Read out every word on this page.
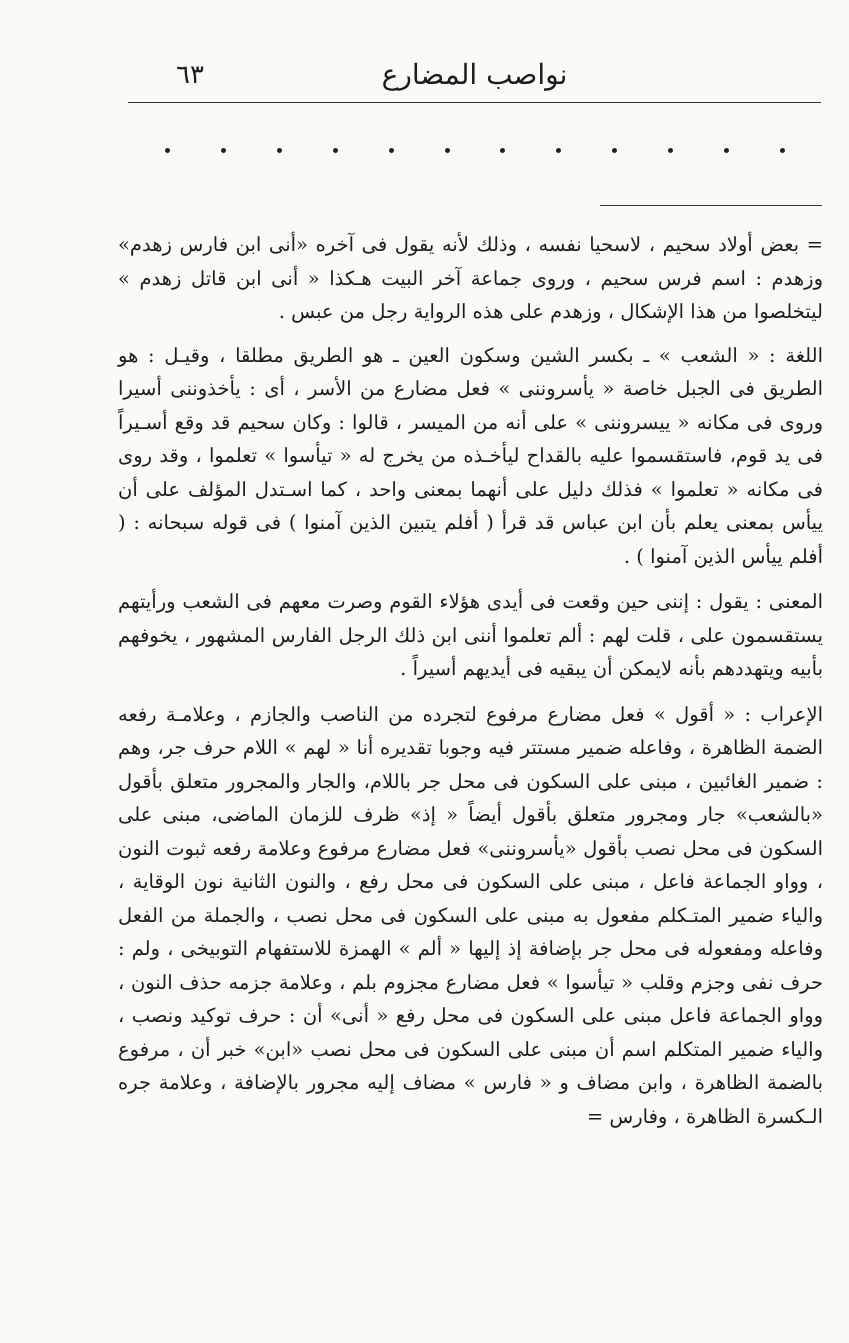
٦٣	نواصب المضارع

= بعض أولاد سحيم ، لاسحيا نفسه ، وذلك لأنه يقول فى آخره «أنى ابن فارس زهدم» وزهدم : اسم فرس سحيم ، وروى جماعة آخر البيت هـكذا « أنى ابن قاتل زهدم » ليتخلصوا من هذا الإشكال ، وزهدم على هذه الرواية رجل من عبس .

اللغة : « الشعب » ـ بكسر الشين وسكون العين ـ هو الطريق مطلقا ، وقيـل : هو الطريق فى الجبل خاصة « يأسروننى » فعل مضارع من الأسر ، أى : يأخذوننى أسيرا وروى فى مكانه « ييسروننى » على أنه من الميسر ، قالوا : وكان سحيم قد وقع أسـيراً فى يد قوم، فاستقسموا عليه بالقداح ليأخـذه من يخرج له « تيأسوا » تعلموا ، وقد روى فى مكانه « تعلموا » فذلك دليل على أنهما بمعنى واحد ، كما اسـتدل المؤلف على أن ييأس بمعنى يعلم بأن ابن عباس قد قرأ ( أفلم يتبين الذين آمنوا ) فى قوله سبحانه : ( أفلم ييأس الذين آمنوا ) .

المعنى : يقول : إننى حين وقعت فى أيدى هؤلاء القوم وصرت معهم فى الشعب ورأيتهم يستقسمون على ، قلت لهم : ألم تعلموا أننى ابن ذلك الرجل الفارس المشهور ، يخوفهم بأبيه ويتهددهم بأنه لايمكن أن يبقيه فى أيديهم أسيراً .

الإعراب : « أقول » فعل مضارع مرفوع لتجرده من الناصب والجازم ، وعلامـة رفعه الضمة الظاهرة ، وفاعله ضمير مستتر فيه وجوبا تقديره أنا « لهم » اللام حرف جر، وهم : ضمير الغائبين ، مبنى على السكون فى محل جر باللام، والجار والمجرور متعلق بأقول «بالشعب» جار ومجرور متعلق بأقول أيضاً « إذ» ظرف للزمان الماضى، مبنى على السكون فى محل نصب بأقول «يأسروننى» فعل مضارع مرفوع وعلامة رفعه ثبوت النون ، وواو الجماعة فاعل ، مبنى على السكون فى محل رفع ، والنون الثانية نون الوقاية ، والياء ضمير المتـكلم مفعول به مبنى على السكون فى محل نصب ، والجملة من الفعل وفاعله ومفعوله فى محل جر بإضافة إذ إليها « ألم » الهمزة للاستفهام التوبيخى ، ولم : حرف نفى وجزم وقلب « تيأسوا » فعل مضارع مجزوم بلم ، وعلامة جزمه حذف النون ، وواو الجماعة فاعل مبنى على السكون فى محل رفع « أنى» أن : حرف توكيد ونصب ، والياء ضمير المتكلم اسم أن مبنى على السكون فى محل نصب «ابن» خبر أن ، مرفوع بالضمة الظاهرة ، وابن مضاف و « فارس » مضاف إليه مجرور بالإضافة ، وعلامة جره الـكسرة الظاهرة ، وفارس =
